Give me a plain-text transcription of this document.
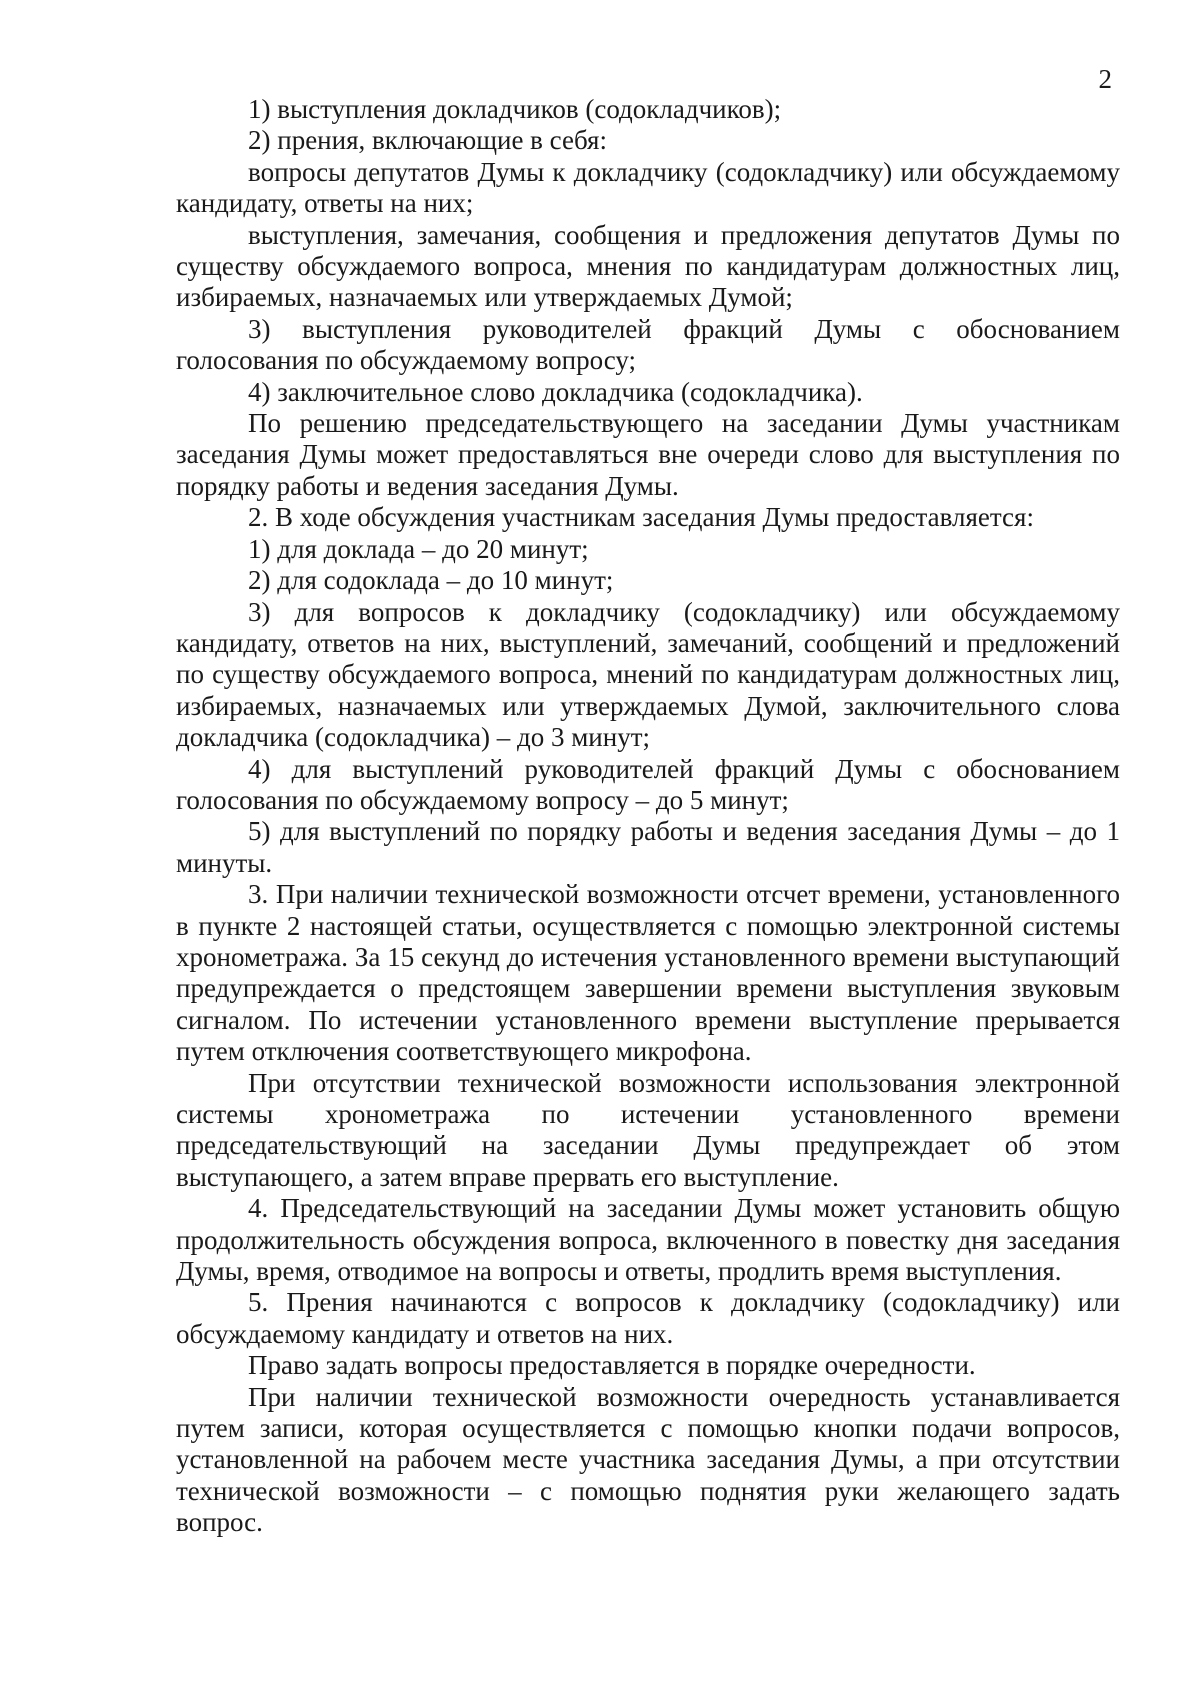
2

1) выступления докладчиков (содокладчиков);

2) прения, включающие в себя:

вопросы депутатов Думы к докладчику (содокладчику) или обсуждаемому кандидату, ответы на них;

выступления, замечания, сообщения и предложения депутатов Думы по существу обсуждаемого вопроса, мнения по кандидатурам должностных лиц, избираемых, назначаемых или утверждаемых Думой;

3) выступления руководителей фракций Думы с обоснованием голосования по обсуждаемому вопросу;

4) заключительное слово докладчика (содокладчика).

По решению председательствующего на заседании Думы участникам заседания Думы может предоставляться вне очереди слово для выступления по порядку работы и ведения заседания Думы.

2. В ходе обсуждения участникам заседания Думы предоставляется:

1) для доклада – до 20 минут;

2) для содоклада – до 10 минут;

3) для вопросов к докладчику (содокладчику) или обсуждаемому кандидату, ответов на них, выступлений, замечаний, сообщений и предложений по существу обсуждаемого вопроса, мнений по кандидатурам должностных лиц, избираемых, назначаемых или утверждаемых Думой, заключительного слова докладчика (содокладчика) – до 3 минут;

4) для выступлений руководителей фракций Думы с обоснованием голосования по обсуждаемому вопросу – до 5 минут;

5) для выступлений по порядку работы и ведения заседания Думы – до 1 минуты.

3. При наличии технической возможности отсчет времени, установленного в пункте 2 настоящей статьи, осуществляется с помощью электронной системы хронометража. За 15 секунд до истечения установленного времени выступающий предупреждается о предстоящем завершении времени выступления звуковым сигналом. По истечении установленного времени выступление прерывается путем отключения соответствующего микрофона.

При отсутствии технической возможности использования электронной системы хронометража по истечении установленного времени председательствующий на заседании Думы предупреждает об этом выступающего, а затем вправе прервать его выступление.

4. Председательствующий на заседании Думы может установить общую продолжительность обсуждения вопроса, включенного в повестку дня заседания Думы, время, отводимое на вопросы и ответы, продлить время выступления.

5. Прения начинаются с вопросов к докладчику (содокладчику) или обсуждаемому кандидату и ответов на них.

Право задать вопросы предоставляется в порядке очередности.

При наличии технической возможности очередность устанавливается путем записи, которая осуществляется с помощью кнопки подачи вопросов, установленной на рабочем месте участника заседания Думы, а при отсутствии технической возможности – с помощью поднятия руки желающего задать вопрос.
